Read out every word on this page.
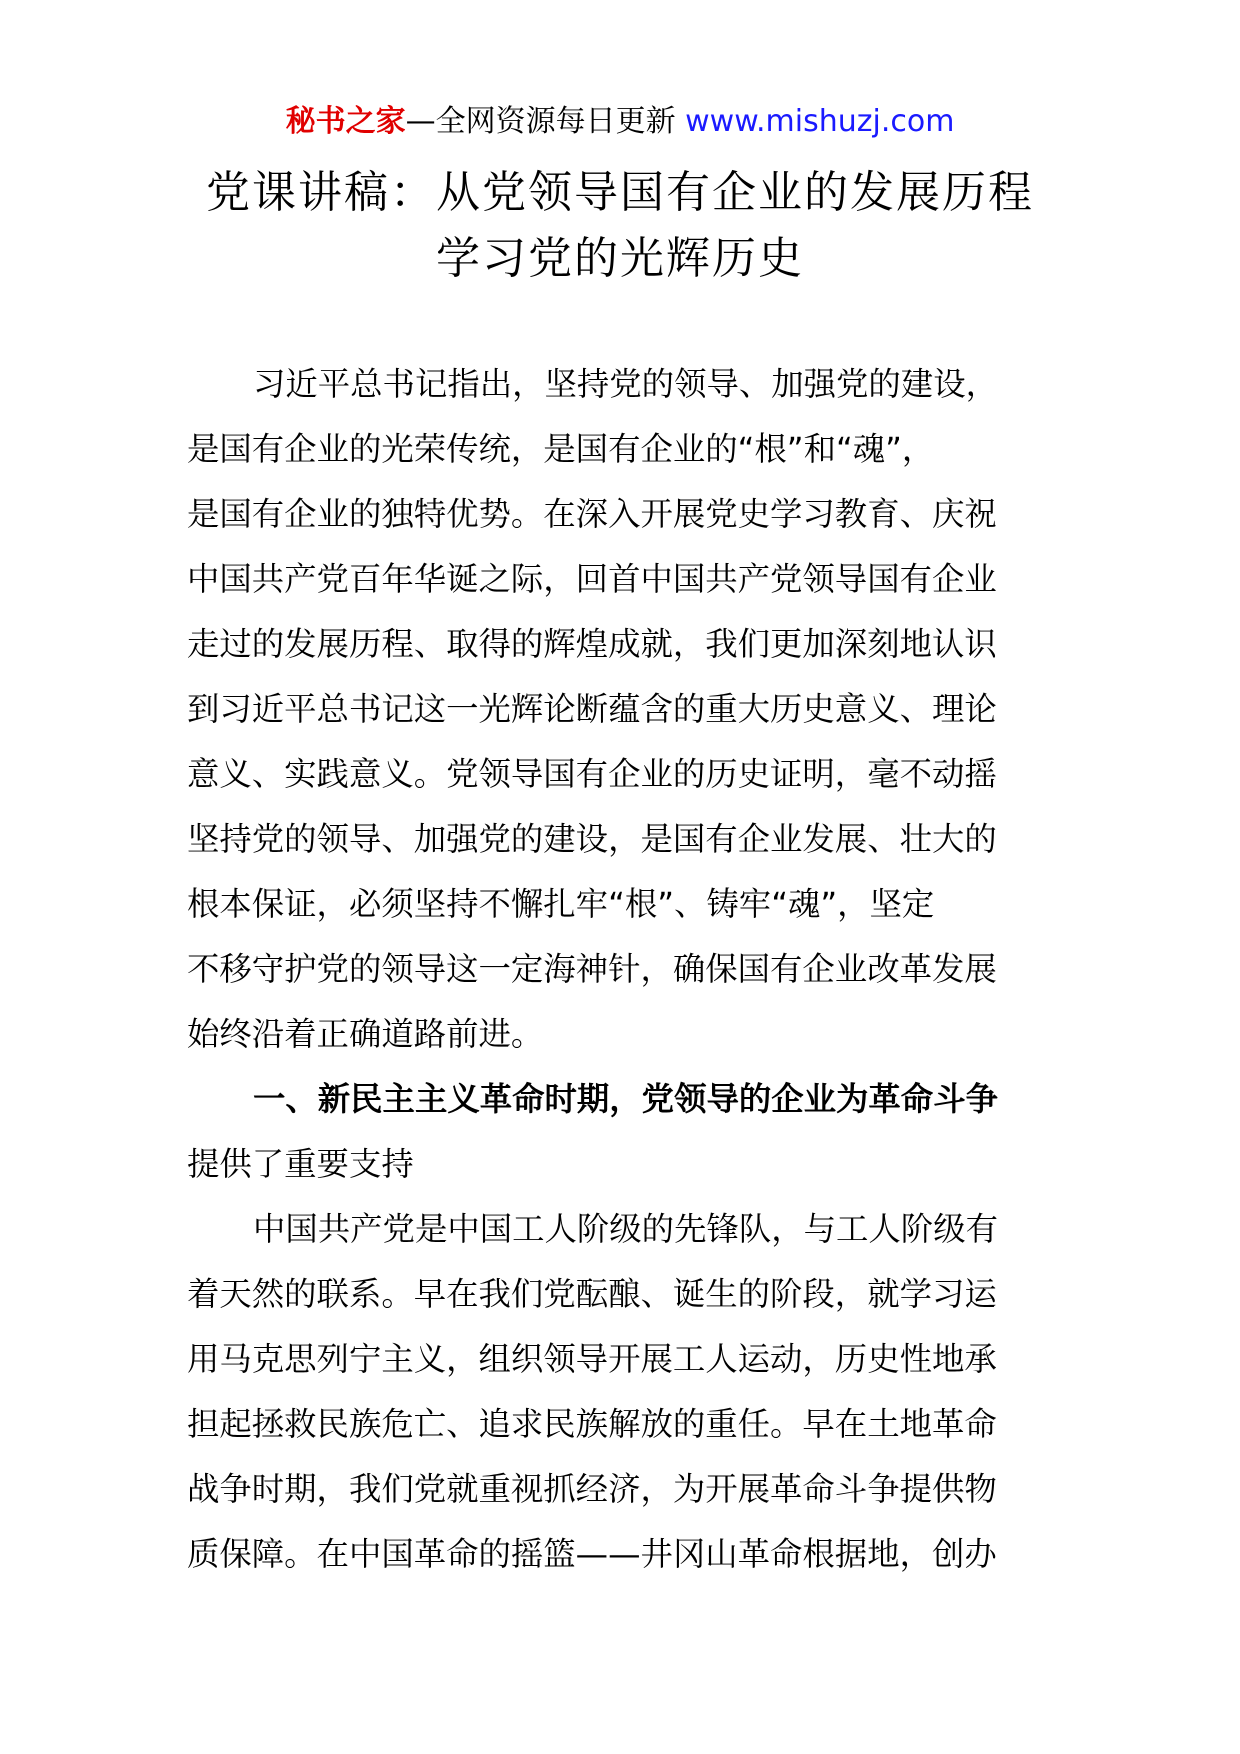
秘书之家—全网资源每日更新 www.mishuzj.com
党课讲稿：从党领导国有企业的发展历程
学习党的光辉历史
习近平总书记指出，坚持党的领导、加强党的建设，
是国有企业的光荣传统，是国有企业的“根”和“魂”，
是国有企业的独特优势。在深入开展党史学习教育、庆祝
中国共产党百年华诞之际，回首中国共产党领导国有企业
走过的发展历程、取得的辉煌成就，我们更加深刻地认识
到习近平总书记这一光辉论断蕴含的重大历史意义、理论
意义、实践意义。党领导国有企业的历史证明，毫不动摇
坚持党的领导、加强党的建设，是国有企业发展、壮大的
根本保证，必须坚持不懈扎牢“根”、铸牢“魂”，坚定
不移守护党的领导这一定海神针，确保国有企业改革发展
始终沿着正确道路前进。
一、新民主主义革命时期，党领导的企业为革命斗争
提供了重要支持
中国共产党是中国工人阶级的先锋队，与工人阶级有
着天然的联系。早在我们党酝酿、诞生的阶段，就学习运
用马克思列宁主义，组织领导开展工人运动，历史性地承
担起拯救民族危亡、追求民族解放的重任。早在土地革命
战争时期，我们党就重视抓经济，为开展革命斗争提供物
质保障。在中国革命的摇篮——井冈山革命根据地，创办
